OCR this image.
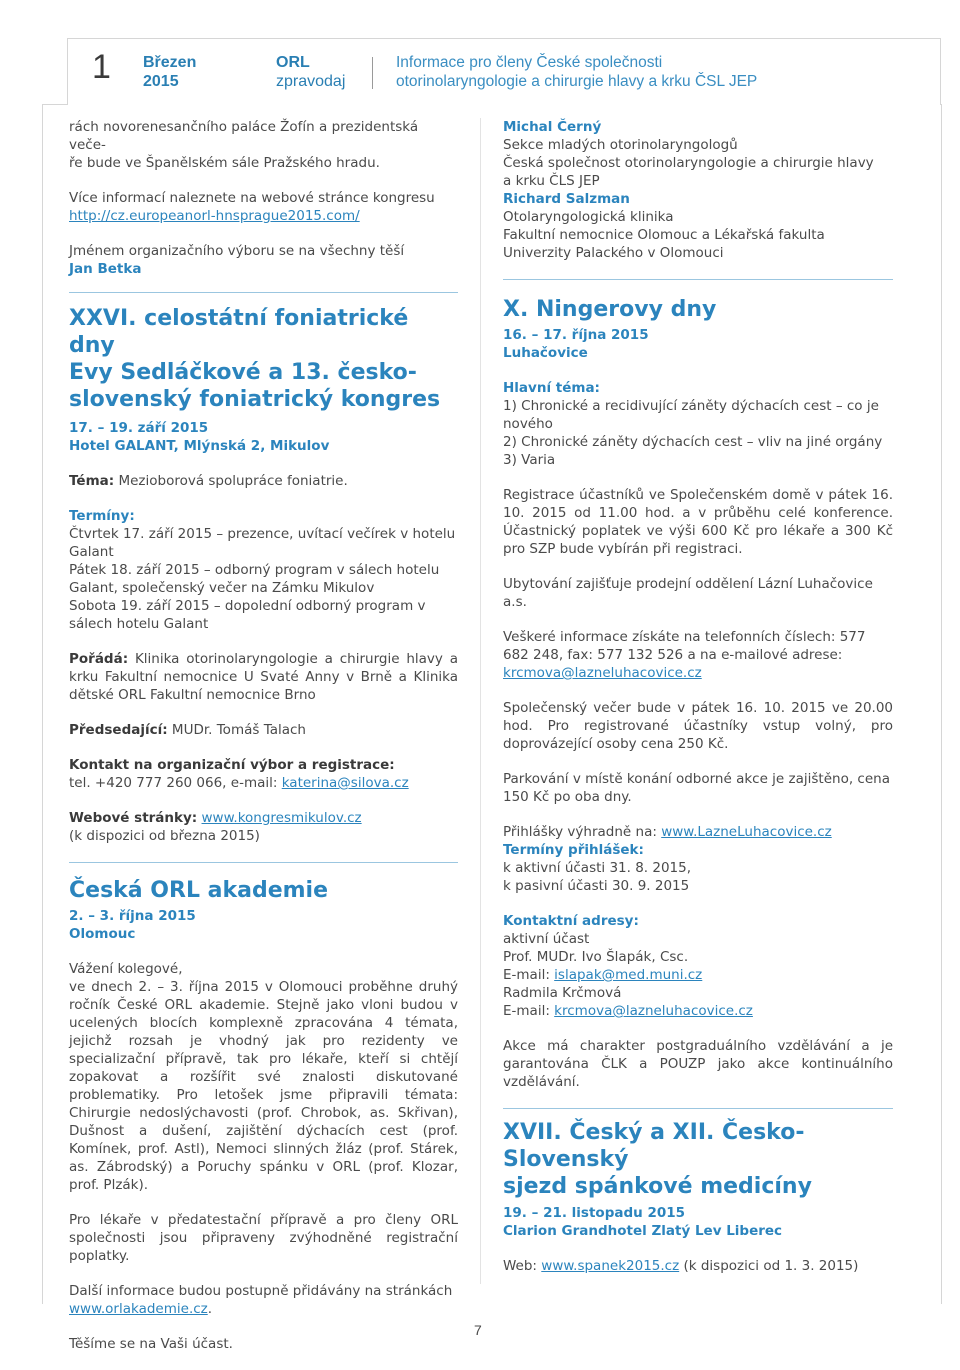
1 Březen
2015
ORL
zpravodaj
Informace pro členy České společnosti
otorinolaryngologie a chirurgie hlavy a krku ČSL JEP

rách novorenesančního paláce Žofín a prezidentská veče-
ře bude ve Španělském sále Pražského hradu.

Více informací naleznete na webové stránce kongresu
http://cz.europeanorl-hnsprague2015.com/

Jménem organizačního výboru se na všechny těší
Jan Betka

XXVI. celostátní foniatrické dny
Evy Sedláčkové a 13. česko-
slovenský foniatrický kongres

17. – 19. září 2015
Hotel GALANT, Mlýnská 2, Mikulov

Téma: Mezioborová spolupráce foniatrie.

Termíny:
Čtvrtek 17. září 2015 – prezence, uvítací večírek v hotelu Galant
Pátek 18. září 2015 – odborný program v sálech hotelu Galant, společenský večer na Zámku Mikulov
Sobota 19. září 2015 – dopolední odborný program v sálech hotelu Galant

Pořádá: Klinika otorinolaryngologie a chirurgie hlavy a krku Fakultní nemocnice U Svaté Anny v Brně a Klinika dětské ORL Fakultní nemocnice Brno

Předsedající: MUDr. Tomáš Talach

Kontakt na organizační výbor a registrace:
tel. +420 777 260 066, e-mail: katerina@silova.cz

Webové stránky: www.kongresmikulov.cz
(k dispozici od března 2015)

Česká ORL akademie

2. – 3. října 2015
Olomouc

Vážení kolegové,
ve dnech 2. – 3. října 2015 v Olomouci proběhne druhý ročník České ORL akademie. Stejně jako vloni budou v ucelených blocích komplexně zpracována 4 témata, jejichž rozsah je vhodný jak pro rezidenty ve specializační přípravě, tak pro lékaře, kteří si chtějí zopakovat a rozšířit své znalosti diskutované problematiky. Pro letošek jsme připravili témata: Chirurgie nedoslýchavosti (prof. Chrobok, as. Skřivan), Dušnost a dušení, zajištění dýchacích cest (prof. Komínek, prof. Astl), Nemoci slinných žláz (prof. Stárek, as. Zábrodský) a Poruchy spánku v ORL (prof. Klozar, prof. Plzák).

Pro lékaře v předatestační přípravě a pro členy ORL společnosti jsou připraveny zvýhodněné registrační poplatky.

Další informace budou postupně přidávány na stránkách
www.orlakademie.cz.

Těšíme se na Vaši účast.

Michal Černý
Sekce mladých otorinolaryngologů
Česká společnost otorinolaryngologie a chirurgie hlavy
a krku ČLS JEP
Richard Salzman
Otolaryngologická klinika
Fakultní nemocnice Olomouc a Lékařská fakulta
Univerzity Palackého v Olomouci

X. Ningerovy dny

16. – 17. října 2015
Luhačovice

Hlavní téma:
1) Chronické a recidivující záněty dýchacích cest – co je nového
2) Chronické záněty dýchacích cest – vliv na jiné orgány
3) Varia

Registrace účastníků ve Společenském domě v pátek 16. 10. 2015 od 11.00 hod. a v průběhu celé konference. Účastnický poplatek ve výši 600 Kč pro lékaře a 300 Kč pro SZP bude vybírán při registraci.

Ubytování zajišťuje prodejní oddělení Lázní Luhačovice a.s.

Veškeré informace získáte na telefonních číslech: 577 682 248, fax: 577 132 526 a na e-mailové adrese:
krcmova@lazneluhacovice.cz

Společenský večer bude v pátek 16. 10. 2015 ve 20.00 hod. Pro registrované účastníky vstup volný, pro doprovázející osoby cena 250 Kč.

Parkování v místě konání odborné akce je zajištěno, cena 150 Kč po oba dny.

Přihlášky výhradně na: www.LazneLuhacovice.cz
Termíny přihlášek:
k aktivní účasti 31. 8. 2015,
k pasivní účasti 30. 9. 2015

Kontaktní adresy:
aktivní účast
Prof. MUDr. Ivo Šlapák, Csc.
E-mail: islapak@med.muni.cz
Radmila Krčmová
E-mail: krcmova@lazneluhacovice.cz

Akce má charakter postgraduálního vzdělávání a je garantována ČLK a POUZP jako akce kontinuálního vzdělávání.

XVII. Český a XII. Česko-Slovenský
sjezd spánkové medicíny

19. – 21. listopadu 2015
Clarion Grandhotel Zlatý Lev Liberec

Web: www.spanek2015.cz (k dispozici od 1. 3. 2015)

7
